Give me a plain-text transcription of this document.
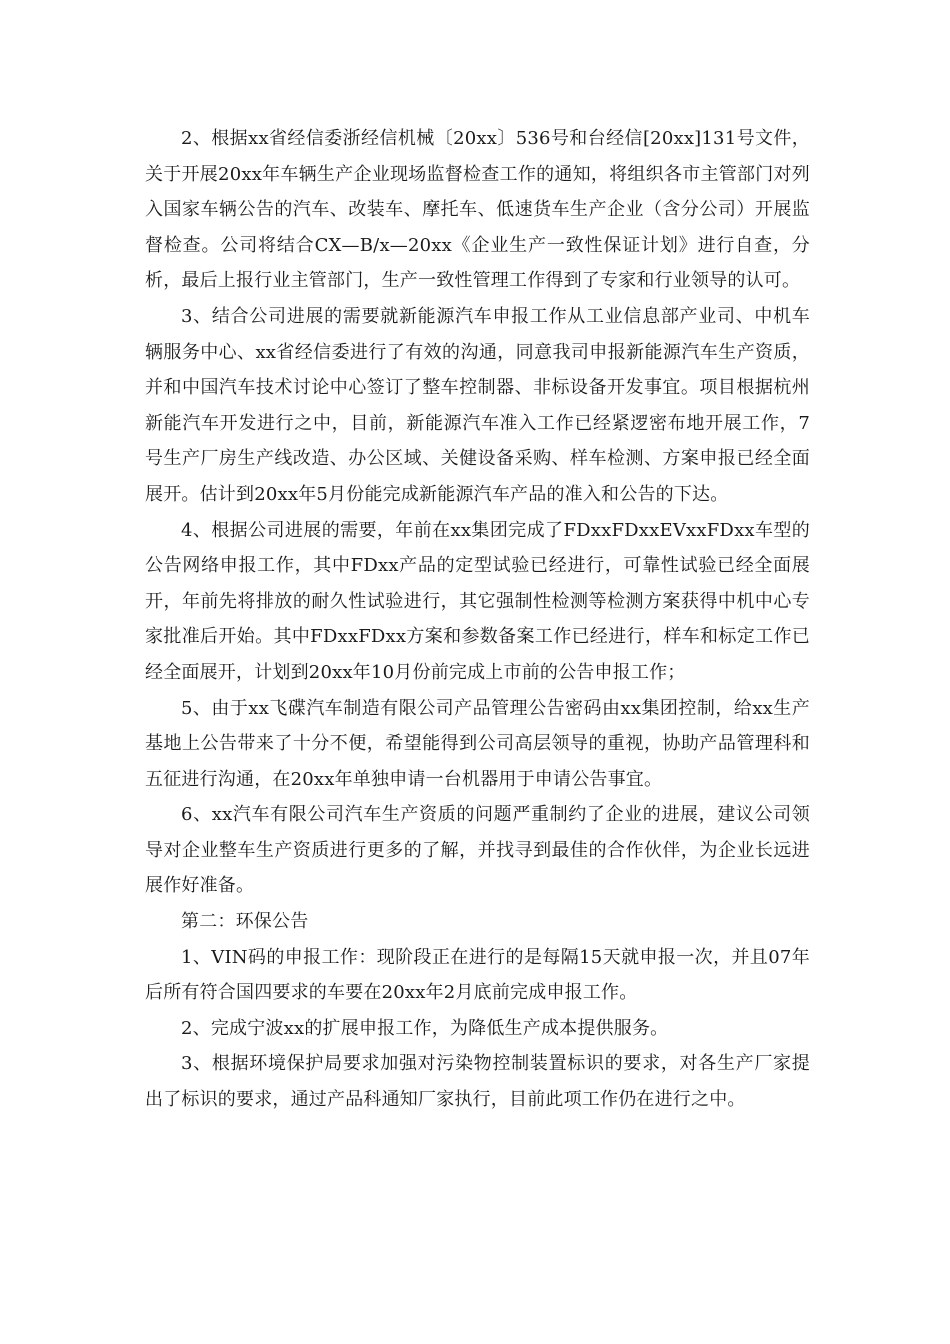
2、根据xx省经信委浙经信机械〔20xx〕536号和台经信[20xx]131号文件，关于开展20xx年车辆生产企业现场监督检查工作的通知，将组织各市主管部门对列入国家车辆公告的汽车、改装车、摩托车、低速货车生产企业（含分公司）开展监督检查。公司将结合CX—B/x—20xx《企业生产一致性保证计划》进行自查，分析，最后上报行业主管部门，生产一致性管理工作得到了专家和行业领导的认可。

3、结合公司进展的需要就新能源汽车申报工作从工业信息部产业司、中机车辆服务中心、xx省经信委进行了有效的沟通，同意我司申报新能源汽车生产资质，并和中国汽车技术讨论中心签订了整车控制器、非标设备开发事宜。项目根据杭州新能汽车开发进行之中，目前，新能源汽车准入工作已经紧逻密布地开展工作，7号生产厂房生产线改造、办公区域、关健设备采购、样车检测、方案申报已经全面展开。估计到20xx年5月份能完成新能源汽车产品的准入和公告的下达。

4、根据公司进展的需要，年前在xx集团完成了FDxxFDxxEVxxFDxx车型的公告网络申报工作，其中FDxx产品的定型试验已经进行，可靠性试验已经全面展开，年前先将排放的耐久性试验进行，其它强制性检测等检测方案获得中机中心专家批准后开始。其中FDxxFDxx方案和参数备案工作已经进行，样车和标定工作已经全面展开，计划到20xx年10月份前完成上市前的公告申报工作；

5、由于xx飞碟汽车制造有限公司产品管理公告密码由xx集团控制，给xx生产基地上公告带来了十分不便，希望能得到公司高层领导的重视，协助产品管理科和五征进行沟通，在20xx年单独申请一台机器用于申请公告事宜。

6、xx汽车有限公司汽车生产资质的问题严重制约了企业的进展，建议公司领导对企业整车生产资质进行更多的了解，并找寻到最佳的合作伙伴，为企业长远进展作好准备。

第二：环保公告

1、VIN码的申报工作：现阶段正在进行的是每隔15天就申报一次，并且07年后所有符合国四要求的车要在20xx年2月底前完成申报工作。

2、完成宁波xx的扩展申报工作，为降低生产成本提供服务。

3、根据环境保护局要求加强对污染物控制装置标识的要求，对各生产厂家提出了标识的要求，通过产品科通知厂家执行，目前此项工作仍在进行之中。
